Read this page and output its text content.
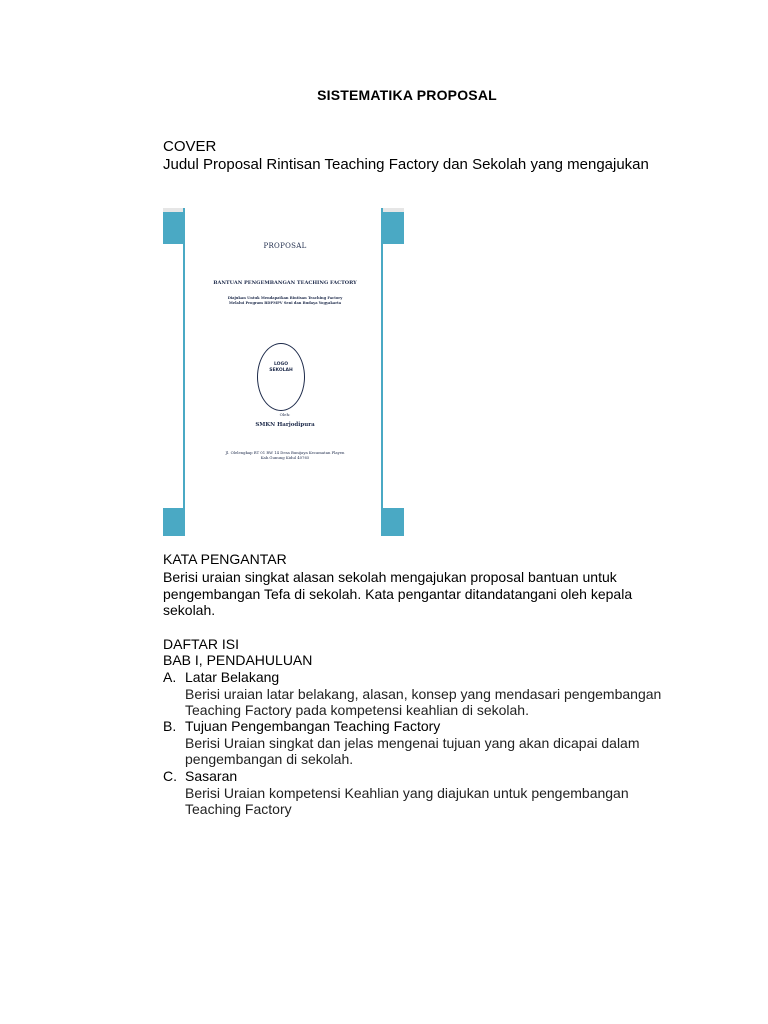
SISTEMATIKA PROPOSAL
COVER
Judul Proposal Rintisan Teaching Factory dan Sekolah yang mengajukan
PROPOSAL
BANTUAN PENGEMBANGAN TEACHING FACTORY
Diajukan Untuk Mendapatkan Rintisan Teaching Factory
Melalui Program BDPMPV Seni dan Budaya Yogyakarta
LOGO
SEKOLAH
Oleh:
SMKN Harjodipura
Jl. Olelengkap RT 01 RW 14 Desa Bunijaya Kecamatan Playen
Kab.Gunung Kidul 40765
KATA PENGANTAR
Berisi uraian singkat alasan sekolah mengajukan proposal bantuan untuk
pengembangan Tefa di sekolah. Kata pengantar ditandatangani oleh kepala
sekolah.
DAFTAR ISI
BAB I, PENDAHULUAN
A. Latar Belakang
Berisi uraian latar belakang, alasan, konsep yang mendasari pengembangan
Teaching Factory pada kompetensi keahlian di sekolah.
B. Tujuan Pengembangan Teaching Factory
Berisi Uraian singkat dan jelas mengenai tujuan yang akan dicapai dalam
pengembangan di sekolah.
C. Sasaran
Berisi Uraian kompetensi Keahlian yang diajukan untuk pengembangan
Teaching Factory
